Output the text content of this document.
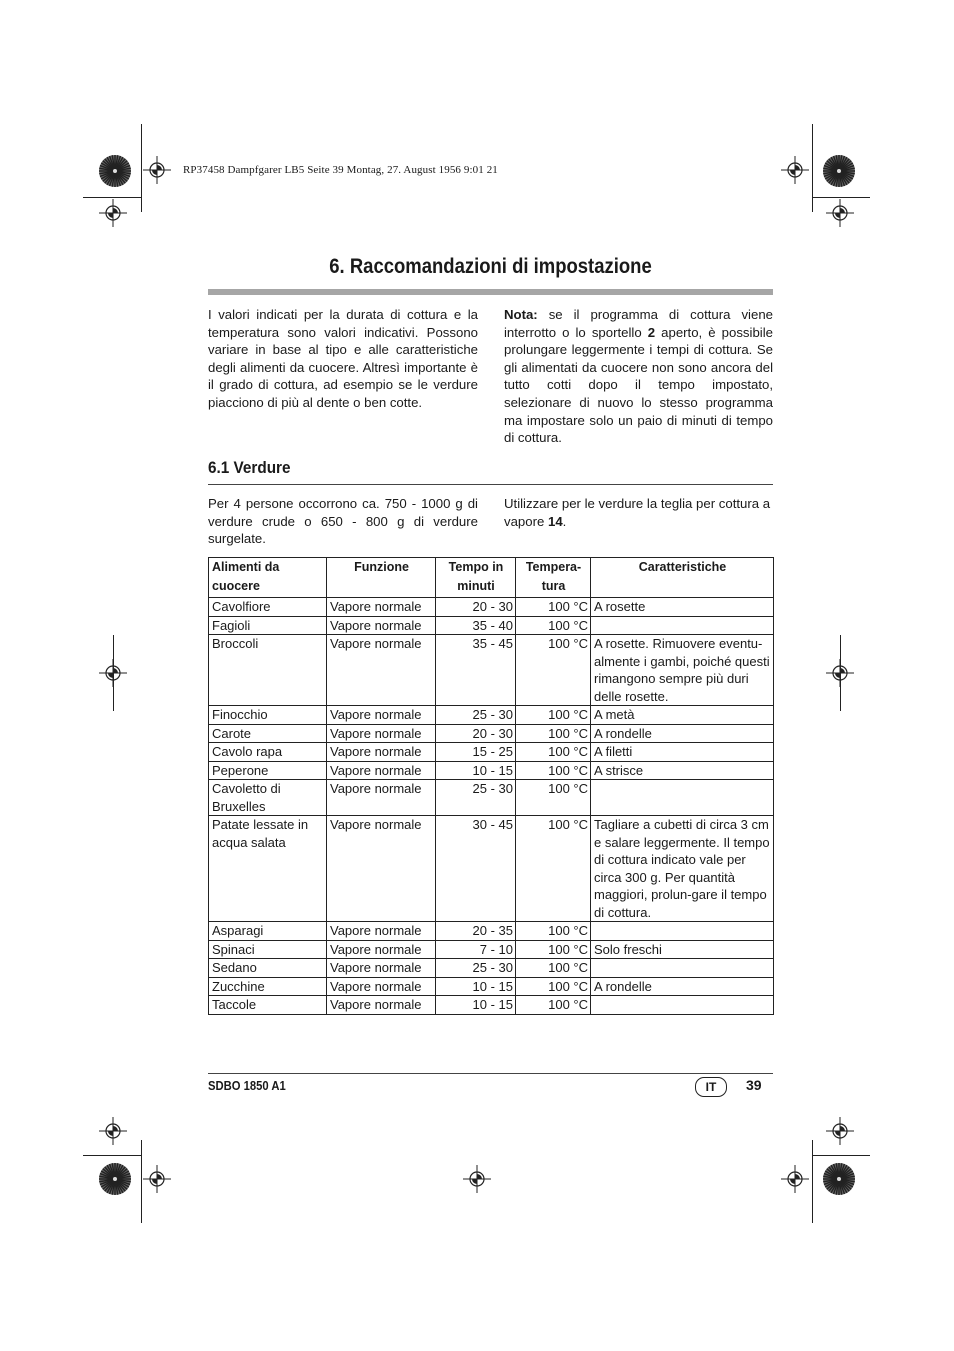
RP37458 Dampfgarer LB5 Seite 39 Montag, 27. August 1956 9:01 21
6. Raccomandazioni di impostazione
I valori indicati per la durata di cottura e la temperatura sono valori indicativi. Possono variare in base al tipo e alle caratteristiche degli alimenti da cuocere. Altresì importante è il grado di cottura, ad esempio se le verdure piacciono di più al dente o ben cotte.
Nota: se il programma di cottura viene interrotto o lo sportello 2 aperto, è possibile prolungare leggermente i tempi di cottura. Se gli alimentati da cuocere non sono ancora del tutto cotti dopo il tempo impostato, selezionare di nuovo lo stesso programma ma impostare solo un paio di minuti di tempo di cottura.
6.1 Verdure
Per 4 persone occorrono ca. 750 - 1000 g di verdure crude o 650 - 800 g di verdure surgelate.
Utilizzare per le verdure la teglia per cottura a vapore 14.
Alimenti da cuocere	Funzione	Tempo in minuti	Tempera-tura	Caratteristiche
Cavolfiore	Vapore normale	20 - 30	100 °C	A rosette
Fagioli	Vapore normale	35 - 40	100 °C	
Broccoli	Vapore normale	35 - 45	100 °C	A rosette. Rimuovere eventu-almente i gambi, poiché questi rimangono sempre più duri delle rosette.
Finocchio	Vapore normale	25 - 30	100 °C	A metà
Carote	Vapore normale	20 - 30	100 °C	A rondelle
Cavolo rapa	Vapore normale	15 - 25	100 °C	A filetti
Peperone	Vapore normale	10 - 15	100 °C	A strisce
Cavoletto di Bruxelles	Vapore normale	25 - 30	100 °C	
Patate lessate in acqua salata	Vapore normale	30 - 45	100 °C	Tagliare a cubetti di circa 3 cm e salare leggermente. Il tempo di cottura indicato vale per circa 300 g. Per quantità maggiori, prolun-gare il tempo di cottura.
Asparagi	Vapore normale	20 - 35	100 °C	
Spinaci	Vapore normale	7 - 10	100 °C	Solo freschi
Sedano	Vapore normale	25 - 30	100 °C	
Zucchine	Vapore normale	10 - 15	100 °C	A rondelle
Taccole	Vapore normale	10 - 15	100 °C	
SDBO 1850 A1	IT	39
